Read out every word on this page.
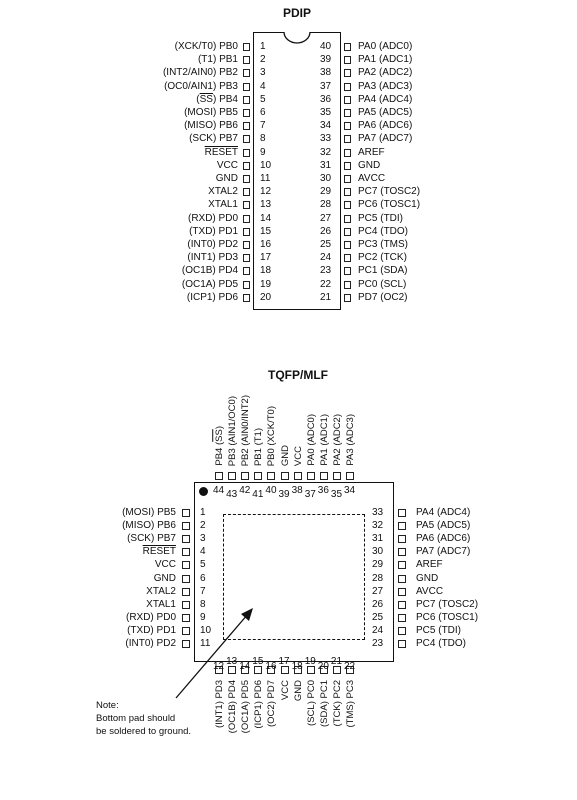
PDIP
(XCK/T0) PB0 1
(T1) PB1 2
(INT2/AIN0) PB2 3
(OC0/AIN1) PB3 4
$(\overline{SS})$ PB4 5
(MOSI) PB5 6
(MISO) PB6 7
(SCK) PB7 8
RESET 9
VCC 10
GND 11
XTAL2 12
XTAL1 13
(RXD) PD0 14
(TXD) PD1 15
(INT0) PD2 16
(INT1) PD3 17
(OC1B) PD4 18
(OC1A) PD5 19
(ICP1) PD6 20
40	PA0 (ADC0)
39	PA1 (ADC1)
38	PA2 (ADC2)
37	PA3 (ADC3)
36	PA4 (ADC4)
35	PA5 (ADC5)
34	PA6 (ADC6)
33	PA7 (ADC7)
32	AREF
31	GND
30	AVCC
29	PC7 (TOSC2)
28	PC6 (TOSC1)
27	PC5 (TDI)
26	PC4 (TDO)
25	PC3 (TMS)
24	PC2 (TCK)
23	PC1 (SDA)
22	PC0 (SCL)
21	PD7 (OC2)
TQFP/MLF
1
(MOSI) PB5
2
(MISO) PB6
3
(SCK) PB7
4
RESET
5
VCC
6
GND
7
XTAL2
8
XTAL1
9
(RXD) PD0
10
(TXD) PD1
11
(INT0) PD2
33	PA4 (ADC4)
32	PA5 (ADC5)
31	PA6 (ADC6)
30	PA7 (ADC7)
29	AREF
28	GND
27	AVCC
26	PC7 (TOSC2)
25	PC6 (TOSC1)
24	PC5 (TDI)
23	PC4 (TDO)
44
PB4 (SS)
43
PB3 (AIN1/OC0)
42
PB2 (AIN0/INT2)
41
PB1 (T1)
40
PB0 (XCK/T0)
39
GND
38
VCC
37
PA0 (ADC0)
36
PA1 (ADC1)
35
PA2 (ADC2)
34
PA3 (ADC3)
12
(INT1) PD3
13
(OC1B) PD4
14
(OC1A) PD5
15
(ICP1) PD6
16
(OC2) PD7
17
VCC
18
GND
19
(SCL) PC0
20
(SDA) PC1
21
(TCK) PC2
22
(TMS) PC3
Note:
Bottom pad should
be soldered to ground.
